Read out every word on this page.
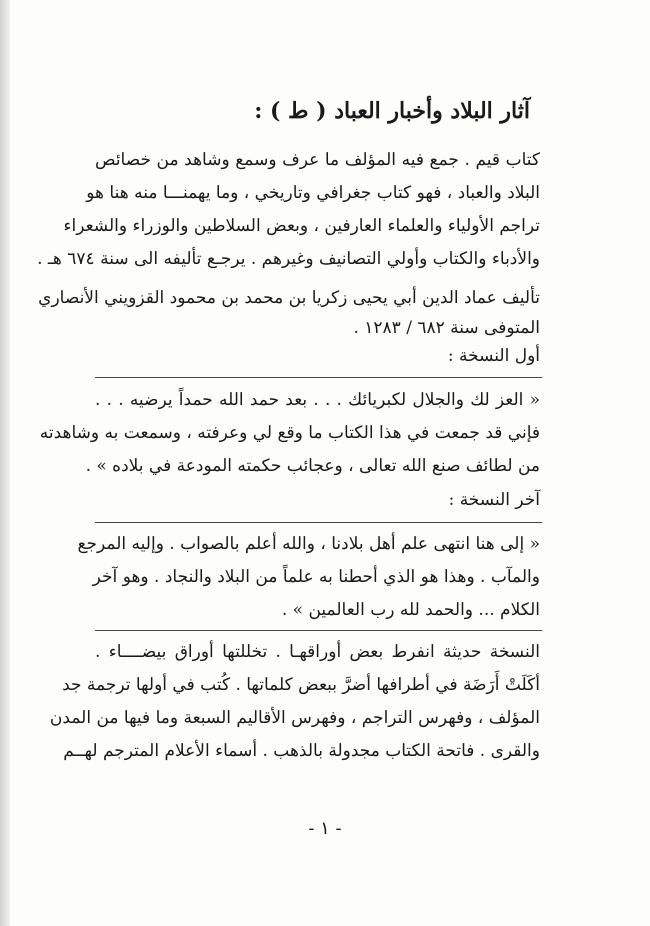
آثار البلاد وأخبار العباد ( ط ) :
كتاب قيم . جمع فيه المؤلف ما عرف وسمع وشاهد من خصائص
البلاد والعباد ، فهو كتاب جغرافي وتاريخي ، وما يهمنـــا منه هنا هو
تراجم الأولياء والعلماء العارفين ، وبعض السلاطين والوزراء والشعراء
والأدباء والكتاب وأولي التصانيف وغيرهم . يرجـع تأليفه الى سنة ٦٧٤ هـ .
تأليف عماد الدين أبي يحيى زكريا بن محمد بن محمود القزويني الأنصاري
المتوفى سنة ٦٨٢ / ١٢٨٣ .
أول النسخة :
« العز لك والجلال لكبريائك . . . بعد حمد الله حمداً يرضيه . . .
فإني قد جمعت في هذا الكتاب ما وقع لي وعرفته ، وسمعت به وشاهدته
من لطائف صنع الله تعالى ، وعجائب حكمته المودعة في بلاده » .
آخر النسخة :
« إلى هنا انتهى علم أهل بلادنا ، والله أعلم بالصواب . وإليه المرجع
والمآب . وهذا هو الذي أحطنا به علماً من البلاد والنجاد . وهو آخر
الكلام ... والحمد لله رب العالمين » .
النسخة حديثة انفرط بعض أوراقهـا . تخللتها أوراق بيضــــاء .
أكَلَتْ أَرَضَة في أطرافها أضرَّ ببعض كلماتها . كُتب في أولها ترجمة جد
المؤلف ، وفهرس التراجم ، وفهرس الأقاليم السبعة وما فيها من المدن
والقرى . فاتحة الكتاب مجدولة بالذهب . أسماء الأعلام المترجم لهــم
- ١ -
